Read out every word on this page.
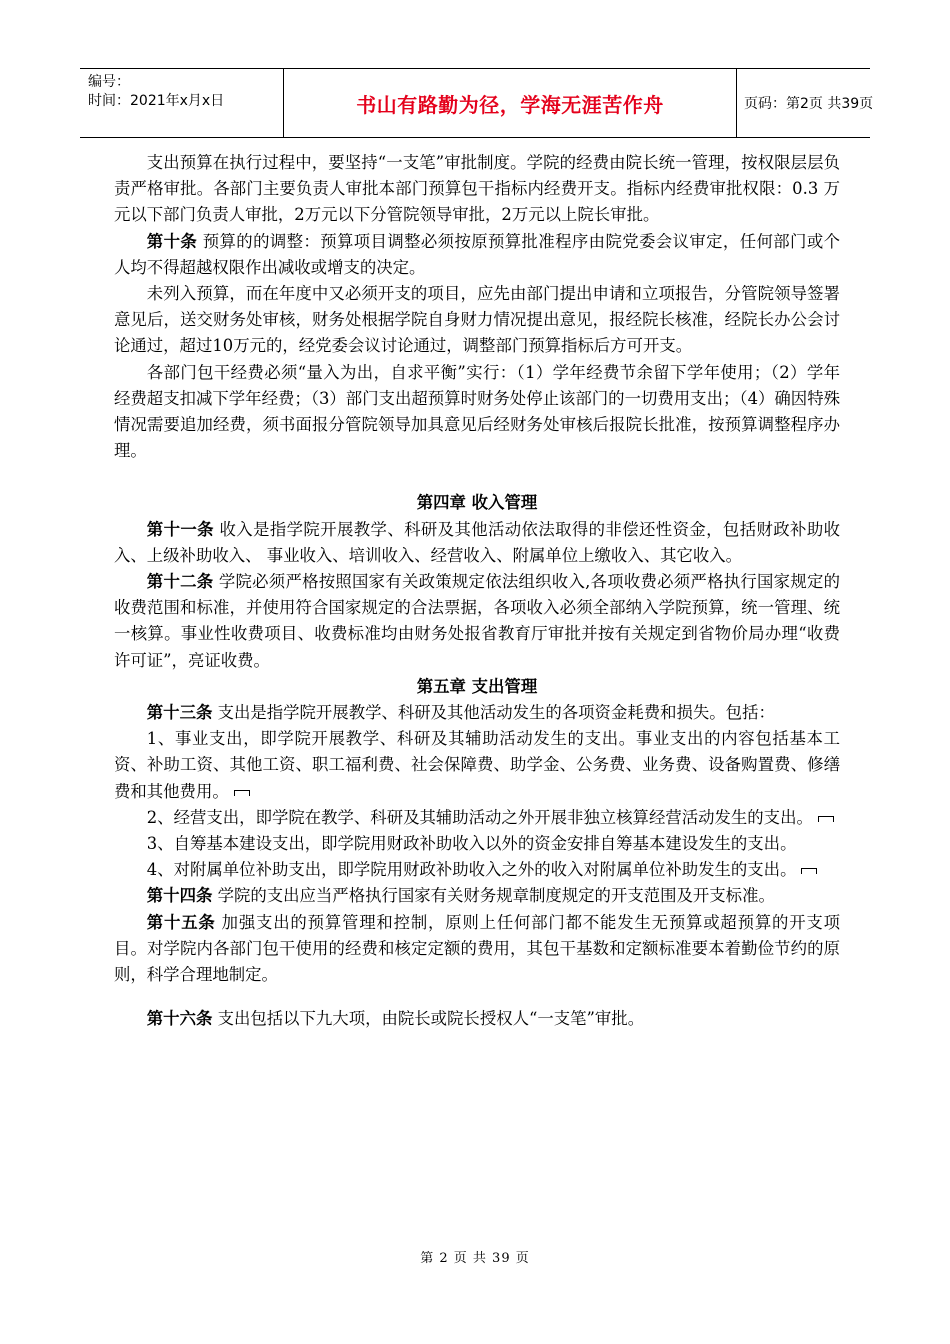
编号：
时间：2021年x月x日	书山有路勤为径，学海无涯苦作舟	页码：第2页 共39页

支出预算在执行过程中，要坚持“一支笔”审批制度。学院的经费由院长统一管理，按权限层层负责严格审批。各部门主要负责人审批本部门预算包干指标内经费开支。指标内经费审批权限：0.3 万元以下部门负责人审批，2万元以下分管院领导审批，2万元以上院长审批。

第十条 预算的的调整：预算项目调整必须按原预算批准程序由院党委会议审定，任何部门或个人均不得超越权限作出减收或增支的决定。

未列入预算，而在年度中又必须开支的项目，应先由部门提出申请和立项报告，分管院领导签署意见后，送交财务处审核，财务处根据学院自身财力情况提出意见，报经院长核准，经院长办公会讨论通过，超过10万元的，经党委会议讨论通过，调整部门预算指标后方可开支。

各部门包干经费必须“量入为出，自求平衡”实行：（1）学年经费节余留下学年使用；（2）学年经费超支扣减下学年经费；（3）部门支出超预算时财务处停止该部门的一切费用支出；（4）确因特殊情况需要追加经费，须书面报分管院领导加具意见后经财务处审核后报院长批准，按预算调整程序办理。

第四章 收入管理

第十一条 收入是指学院开展教学、科研及其他活动依法取得的非偿还性资金，包括财政补助收入、上级补助收入、 事业收入、培训收入、经营收入、附属单位上缴收入、其它收入。

第十二条 学院必须严格按照国家有关政策规定依法组织收入,各项收费必须严格执行国家规定的收费范围和标准，并使用符合国家规定的合法票据，各项收入必须全部纳入学院预算，统一管理、统一核算。事业性收费项目、收费标准均由财务处报省教育厅审批并按有关规定到省物价局办理“收费许可证”，亮证收费。

第五章 支出管理

第十三条 支出是指学院开展教学、科研及其他活动发生的各项资金耗费和损失。包括：

1、事业支出，即学院开展教学、科研及其辅助活动发生的支出。事业支出的内容包括基本工资、补助工资、其他工资、职工福利费、社会保障费、助学金、公务费、业务费、设备购置费、修缮费和其他费用。

2、经营支出，即学院在教学、科研及其辅助活动之外开展非独立核算经营活动发生的支出。

3、自筹基本建设支出，即学院用财政补助收入以外的资金安排自筹基本建设发生的支出。

4、对附属单位补助支出，即学院用财政补助收入之外的收入对附属单位补助发生的支出。

第十四条 学院的支出应当严格执行国家有关财务规章制度规定的开支范围及开支标准。

第十五条 加强支出的预算管理和控制，原则上任何部门都不能发生无预算或超预算的开支项目。对学院内各部门包干使用的经费和核定定额的费用，其包干基数和定额标准要本着勤俭节约的原则，科学合理地制定。

第十六条 支出包括以下九大项，由院长或院长授权人“一支笔”审批。

第 2 页 共 39 页
